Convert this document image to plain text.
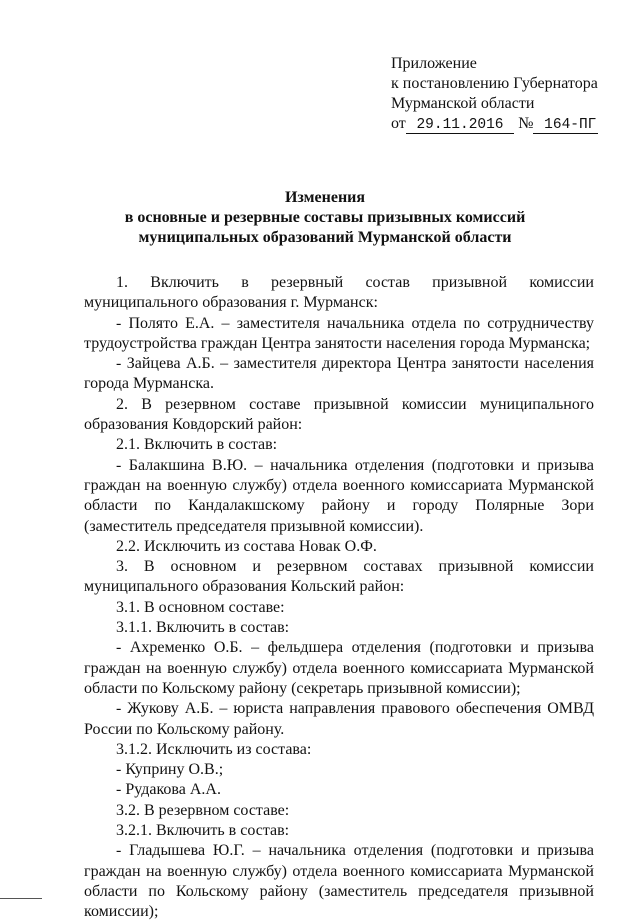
Приложение
к постановлению Губернатора
Мурманской области
от 29.11.2016 № 164-ПГ
Изменения
в основные и резервные составы призывных комиссий
муниципальных образований Мурманской области

1. Включить в резервный состав призывной комиссии муниципального образования г. Мурманск:

- Полято Е.А. – заместителя начальника отдела по сотрудничеству трудоустройства граждан Центра занятости населения города Мурманска;

- Зайцева А.Б. – заместителя директора Центра занятости населения города Мурманска.

2. В резервном составе призывной комиссии муниципального образования Ковдорский район:

2.1. Включить в состав:

- Балакшина В.Ю. – начальника отделения (подготовки и призыва граждан на военную службу) отдела военного комиссариата Мурманской области по Кандалакшскому району и городу Полярные Зори (заместитель председателя призывной комиссии).

2.2. Исключить из состава Новак О.Ф.

3. В основном и резервном составах призывной комиссии муниципального образования Кольский район:

3.1. В основном составе:

3.1.1. Включить в состав:

- Ахременко О.Б. – фельдшера отделения (подготовки и призыва граждан на военную службу) отдела военного комиссариата Мурманской области по Кольскому району (секретарь призывной комиссии);

- Жукову А.Б. – юриста направления правового обеспечения ОМВД России по Кольскому району.

3.1.2. Исключить из состава:

- Куприну О.В.;

- Рудакова А.А.

3.2. В резервном составе:

3.2.1. Включить в состав:

- Гладышева Ю.Г. – начальника отделения (подготовки и призыва граждан на военную службу) отдела военного комиссариата Мурманской области по Кольскому району (заместитель председателя призывной комиссии);
